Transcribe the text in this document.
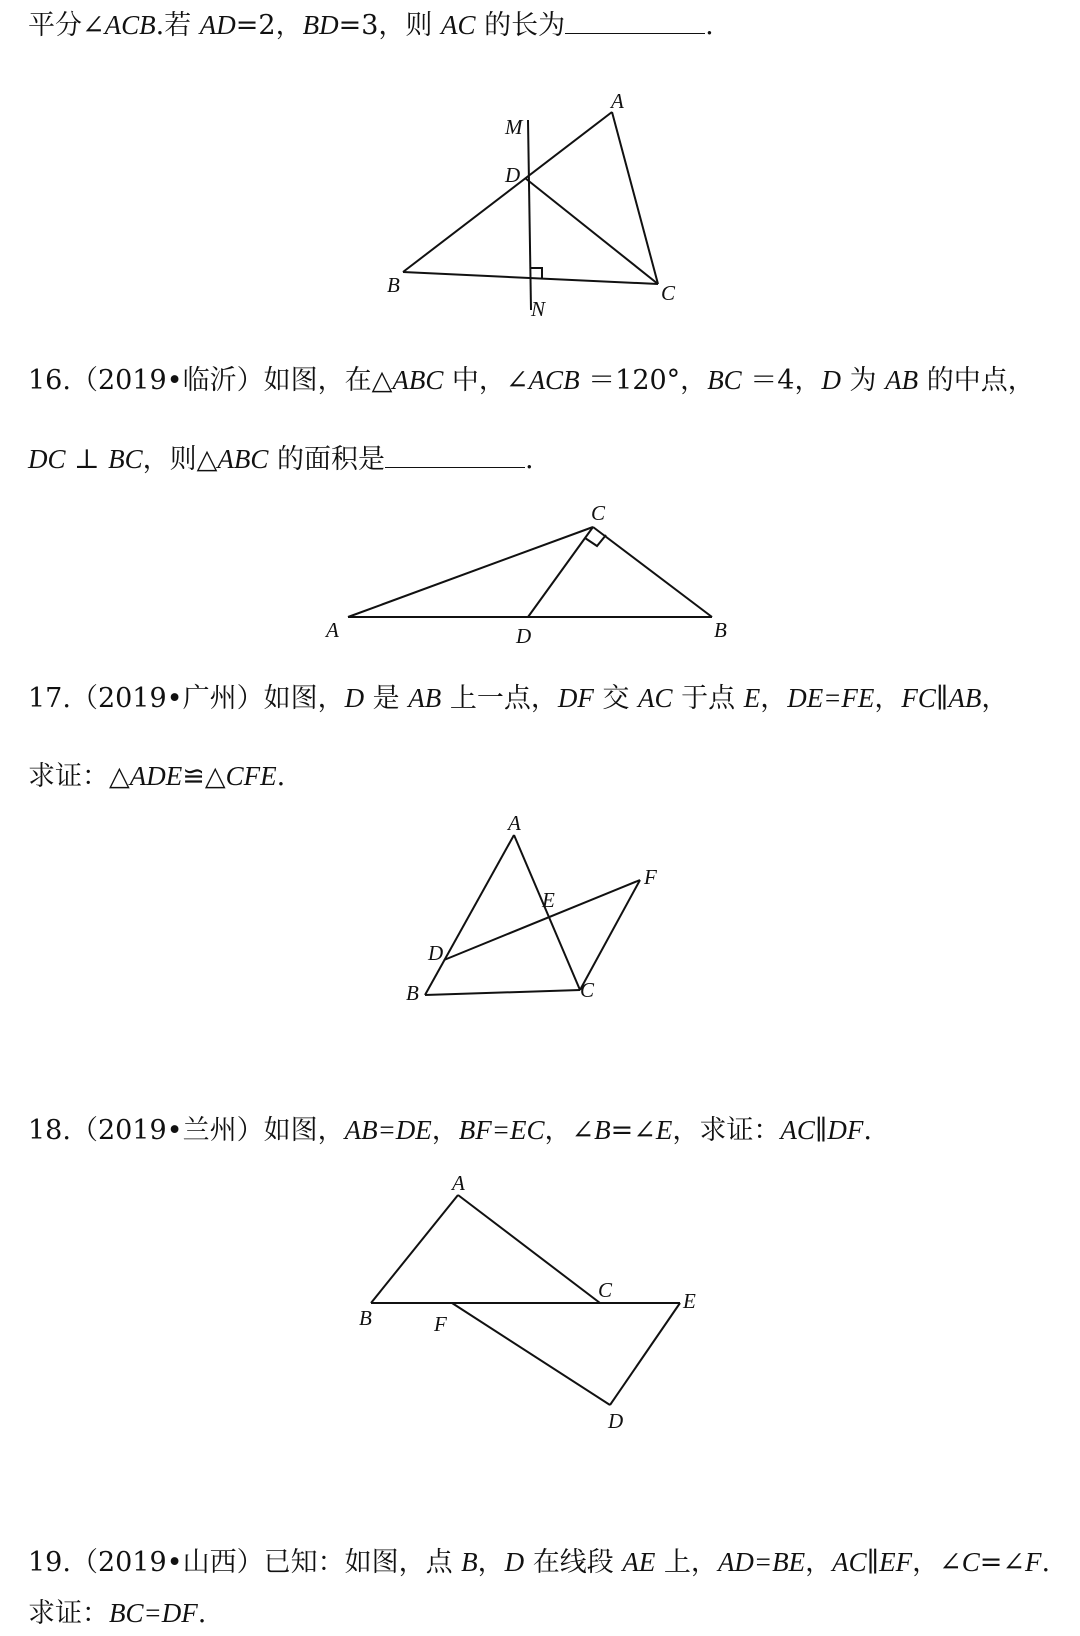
平分∠ACB.若 AD=2，BD=3，则 AC 的长为	.
M
A
D
B
N
C
16.（2019•临沂）如图，在△ABC 中，∠ACB ＝120°，BC ＝4，D 为 AB 的中点，
DC ⊥ BC，则△ABC 的面积是	.
C
A	D	B
17.（2019•广州）如图，D 是 AB 上一点，DF 交 AC 于点 E，DE=FE，FC∥AB，
求证：△ADE≌△CFE.
A
F
E
D
B	C
18.（2019•兰州）如图，AB=DE，BF=EC，∠B=∠E，求证：AC∥DF.
A
C	E
B	F
D
19.（2019•山西）已知：如图，点 B，D 在线段 AE 上，AD=BE，AC∥EF，∠C=∠F.
求证：BC=DF.
